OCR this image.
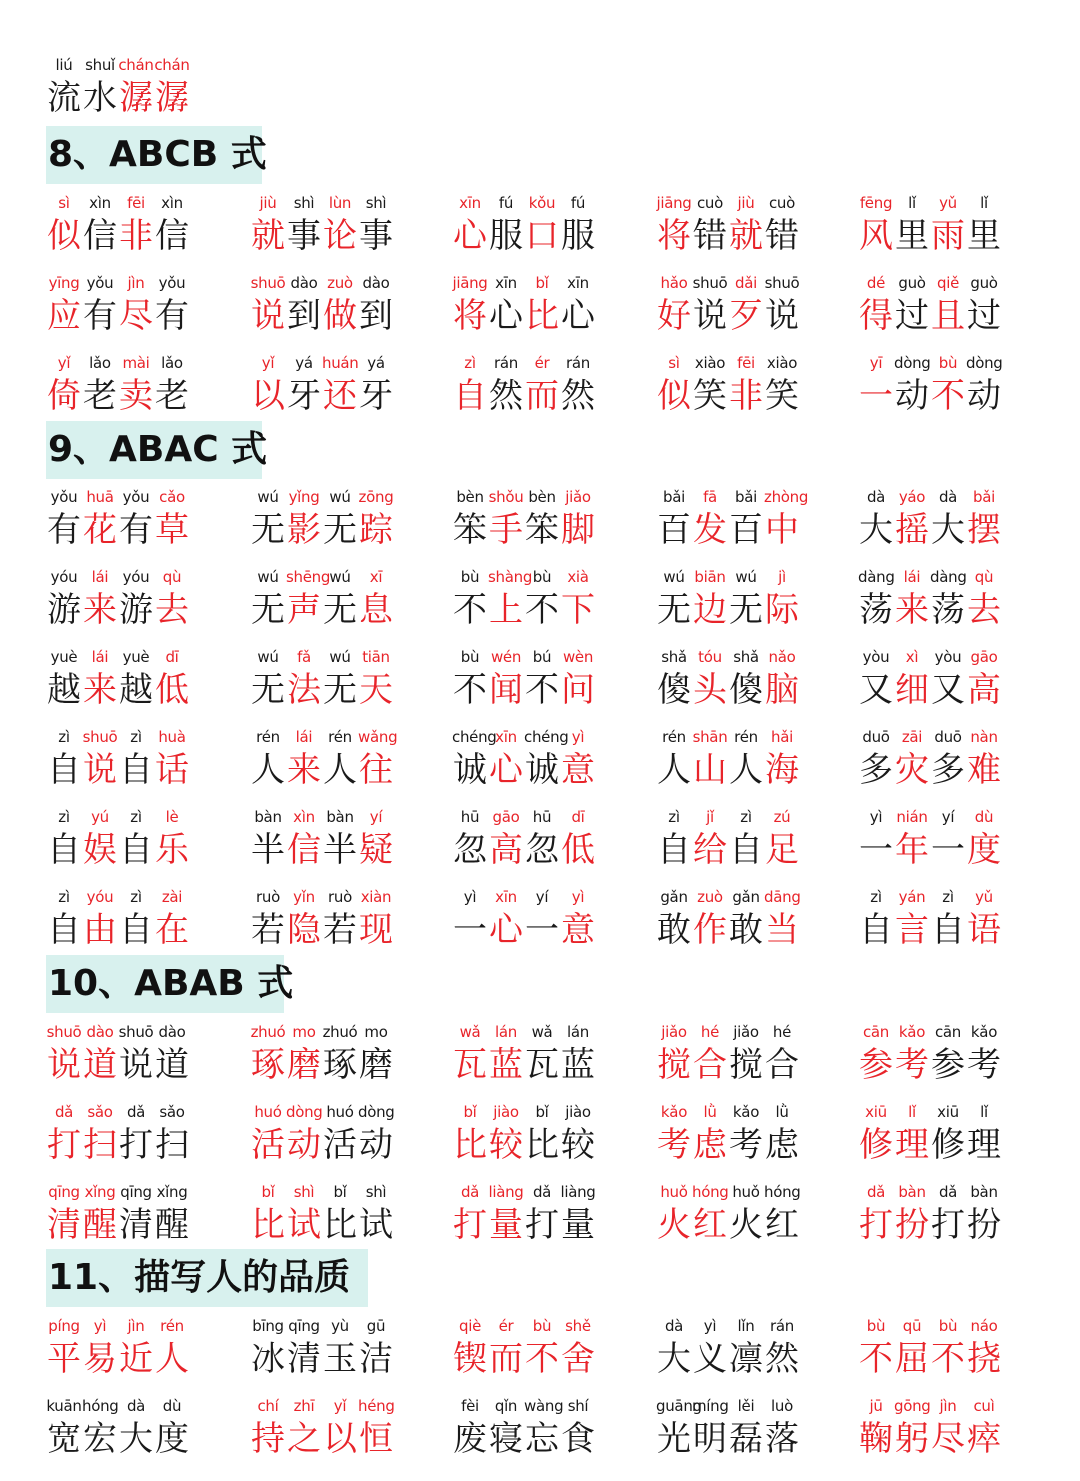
liú shuǐ chán chán
流 水 潺 潺
8、ABCB 式
sì	xìn	fēi	xìn
似 信 非 信
jiù	shì lùn shì
就 事 论 事
xīn	fú	kǒu	fú
心 服 口 服
jiāng cuò jiù cuò
将 错 就 错
fēng	lǐ	yǔ	lǐ
风 里 雨 里
yīng yǒu jìn yǒu
应 有 尽 有
shuō dào zuò dào
说 到 做 到
jiāng xīn	bǐ	xīn
将 心 比 心
hǎo shuō dǎi shuō
好 说 歹 说
dé guò qiě guò
得 过 且 过
yǐ	lǎo mài lǎo
倚 老 卖 老
yǐ	yá huán yá
以 牙 还 牙
zì	rán	ér	rán
自 然 而 然
sì	xiào fēi xiào
似 笑 非 笑
yī dòng bù dòng
一 动 不 动
9、ABAC 式
yǒu huā yǒu cǎo
有 花 有 草
wú yǐng wú zōng
无 影 无 踪
bèn shǒu bèn jiǎo
笨 手 笨 脚
bǎi	fā	bǎi zhòng
百 发 百 中
dà yáo dà	bǎi
大 摇 大 摆
yóu lái yóu qù
游 来 游 去
wú shēng wú	xī
无 声 无 息
bù shàng bù	xià
不 上 不 下
wú biān wú	jì
无 边 无 际
dàng lái dàng qù
荡 来 荡 去
yuè lái yuè	dī
越 来 越 低
wú	fǎ	wú tiān
无 法 无 天
bù wén bú wèn
不 闻 不 问
shǎ tóu shǎ nǎo
傻 头 傻 脑
yòu	xì	yòu gāo
又 细 又 高
zì shuō zì	huà
自 说 自 话
rén	lái	rén wǎng
人 来 人 往
chéng
xīn chéng yì
诚 心 诚 意
rén shān rén hǎi
人 山 人 海
duō zāi duō nàn
多 灾 多 难
zì	yú	zì	lè
自 娱 自 乐
bàn xìn bàn	yí
半 信 半 疑
hū gāo hū	dī
忽 高 忽 低
zì	jǐ	zì	zú
自 给 自 足
yì nián yí	dù
一 年 一 度
zì	yóu	zì	zài
自 由 自 在
ruò yǐn ruò xiàn
若 隐 若 现
yì	xīn	yí	yì
一 心 一 意
gǎn zuò gǎn dāng
敢 作 敢 当
zì	yán	zì	yǔ
自 言 自 语
10、ABAB 式
shuō dào shuō dào
说 道 说 道
zhuó mo zhuó mo
琢 磨 琢 磨
wǎ lán wǎ lán
瓦 蓝 瓦 蓝
jiǎo hé jiǎo hé
搅 合 搅 合
cān kǎo cān kǎo
参 考 参 考
dǎ sǎo dǎ sǎo
打 扫 打 扫
huó dòng huó dòng
活 动 活 动
bǐ	jiào	bǐ	jiào
比 较 比 较
kǎo	lǜ	kǎo	lǜ
考 虑 考 虑
xiū	lǐ	xiū	lǐ
修 理 修 理
qīng xǐng qīng xǐng
清 醒 清 醒
bǐ	shì	bǐ	shì
比 试 比 试
dǎ liàng dǎ liàng
打 量 打 量
huǒ hóng huǒ hóng
火 红 火 红
dǎ bàn dǎ bàn
打 扮 打 扮
11、描写人的品质
píng yì	jìn	rén
平 易 近 人
bīng qīng yù	gū
冰 清 玉 洁
qiè	ér	bù shě
锲 而 不 舍
dà	yì	lǐn	rán
大 义 凛 然
bù	qū	bù náo
不 屈 不 挠
kuān hóng dà	dù
宽 宏 大 度
chí	zhī	yǐ héng
持 之 以 恒
fèi	qǐn wàng shí
废 寝 忘 食
guāng
míng lěi	luò
光 明 磊 落
jū gōng jìn	cuì
鞠 躬 尽 瘁
